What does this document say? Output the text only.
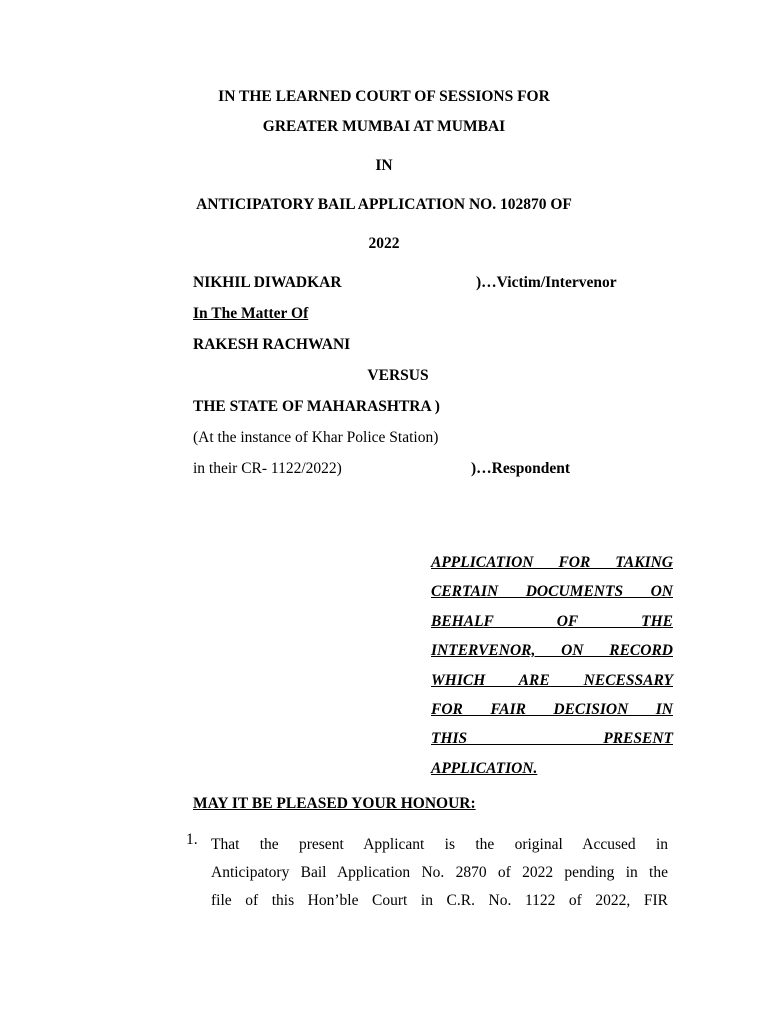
IN THE LEARNED COURT OF SESSIONS FOR
GREATER MUMBAI AT MUMBAI
IN
ANTICIPATORY BAIL APPLICATION NO. 102870 OF
2022
NIKHIL DIWADKAR	)…Victim/Intervenor
In The Matter Of
RAKESH RACHWANI
VERSUS
THE STATE OF MAHARASHTRA )
(At the instance of Khar Police Station)
in their CR- 1122/2022)	)…Respondent
APPLICATION FOR TAKING
CERTAIN DOCUMENTS ON
BEHALF OF THE
INTERVENOR, ON RECORD
WHICH ARE NECESSARY
FOR FAIR DECISION IN
THIS PRESENT
APPLICATION.
MAY IT BE PLEASED YOUR HONOUR:
1. That the present Applicant is the original Accused in
Anticipatory Bail Application No. 2870 of 2022 pending in the
file of this Hon’ble Court in C.R. No. 1122 of 2022, FIR
